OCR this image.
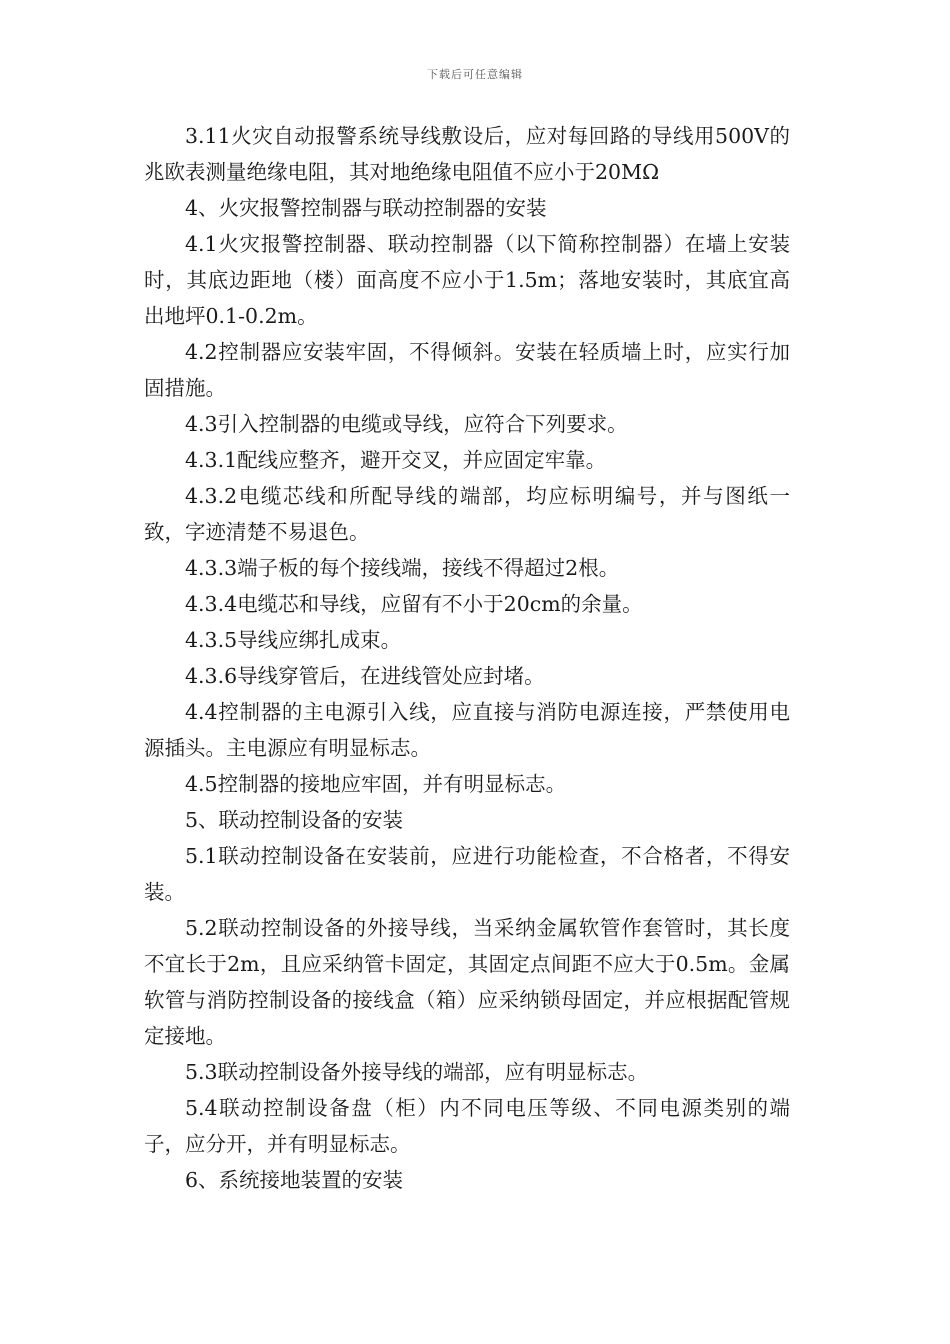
下载后可任意编辑

3.11火灾自动报警系统导线敷设后，应对每回路的导线用500V的兆欧表测量绝缘电阻，其对地绝缘电阻值不应小于20MΩ

4、火灾报警控制器与联动控制器的安装

4.1火灾报警控制器、联动控制器（以下简称控制器）在墙上安装时，其底边距地（楼）面高度不应小于1.5m；落地安装时，其底宜高出地坪0.1-0.2m。

4.2控制器应安装牢固，不得倾斜。安装在轻质墙上时，应实行加固措施。

4.3引入控制器的电缆或导线，应符合下列要求。

4.3.1配线应整齐，避开交叉，并应固定牢靠。

4.3.2电缆芯线和所配导线的端部，均应标明编号，并与图纸一致，字迹清楚不易退色。

4.3.3端子板的每个接线端，接线不得超过2根。

4.3.4电缆芯和导线，应留有不小于20cm的余量。

4.3.5导线应绑扎成束。

4.3.6导线穿管后，在进线管处应封堵。

4.4控制器的主电源引入线，应直接与消防电源连接，严禁使用电源插头。主电源应有明显标志。

4.5控制器的接地应牢固，并有明显标志。

5、联动控制设备的安装

5.1联动控制设备在安装前，应进行功能检查，不合格者，不得安装。

5.2联动控制设备的外接导线，当采纳金属软管作套管时，其长度不宜长于2m，且应采纳管卡固定，其固定点间距不应大于0.5m。金属软管与消防控制设备的接线盒（箱）应采纳锁母固定，并应根据配管规定接地。

5.3联动控制设备外接导线的端部，应有明显标志。

5.4联动控制设备盘（柜）内不同电压等级、不同电源类别的端子，应分开，并有明显标志。

6、系统接地装置的安装
